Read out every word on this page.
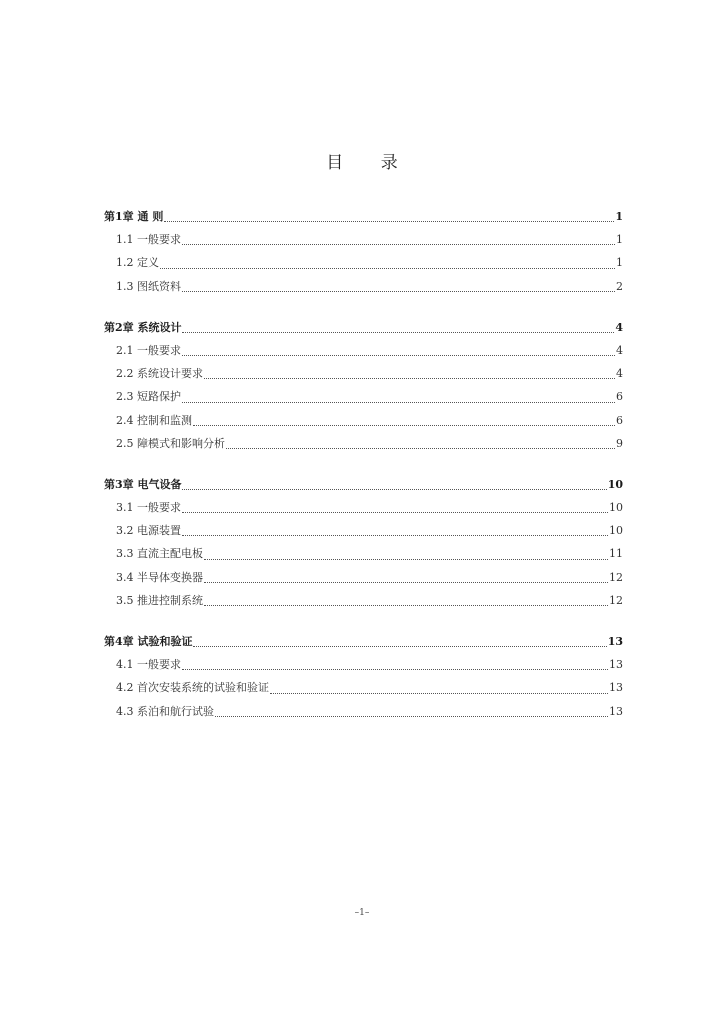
目 录
第1章 通 则	1
1.1 一般要求	1
1.2 定义	1
1.3 图纸资料	2
第2章 系统设计	4
2.1 一般要求	4
2.2 系统设计要求	4
2.3 短路保护	6
2.4 控制和监测	6
2.5 障模式和影响分析	9
第3章 电气设备	10
3.1 一般要求	10
3.2 电源装置	10
3.3 直流主配电板	11
3.4 半导体变换器	12
3.5 推进控制系统	12
第4章 试验和验证	13
4.1 一般要求	13
4.2 首次安装系统的试验和验证	13
4.3 系泊和航行试验	13
–1–
